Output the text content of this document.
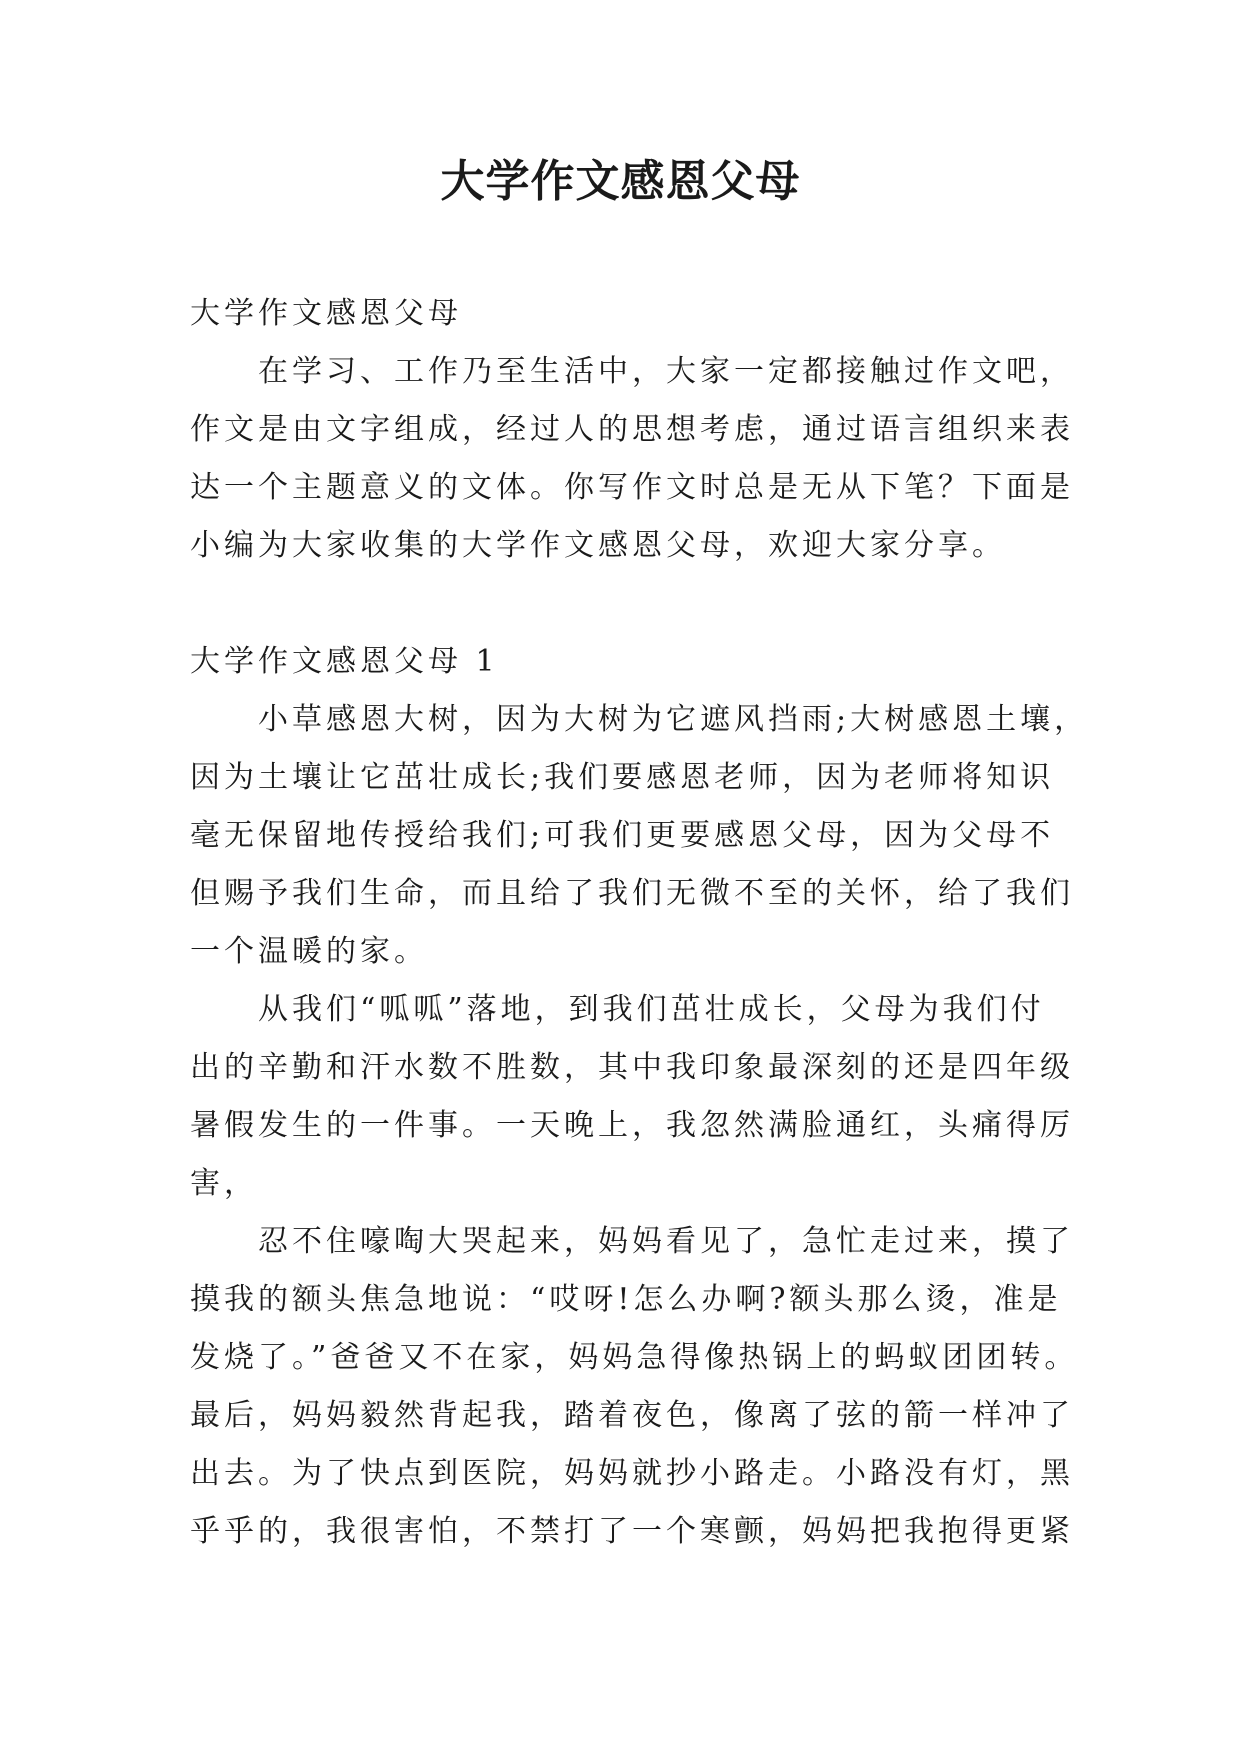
大学作文感恩父母
大学作文感恩父母
在学习、工作乃至生活中，大家一定都接触过作文吧，
作文是由文字组成，经过人的思想考虑，通过语言组织来表
达一个主题意义的文体。你写作文时总是无从下笔？下面是
小编为大家收集的大学作文感恩父母，欢迎大家分享。
大学作文感恩父母 1
小草感恩大树，因为大树为它遮风挡雨;大树感恩土壤，
因为土壤让它茁壮成长;我们要感恩老师，因为老师将知识
毫无保留地传授给我们;可我们更要感恩父母，因为父母不
但赐予我们生命，而且给了我们无微不至的关怀，给了我们
一个温暖的家。
从我们“呱呱”落地，到我们茁壮成长，父母为我们付
出的辛勤和汗水数不胜数，其中我印象最深刻的还是四年级
暑假发生的一件事。一天晚上，我忽然满脸通红，头痛得厉
害，
忍不住嚎啕大哭起来，妈妈看见了，急忙走过来，摸了
摸我的额头焦急地说：“哎呀!怎么办啊?额头那么烫，准是
发烧了。”爸爸又不在家，妈妈急得像热锅上的蚂蚁团团转。
最后，妈妈毅然背起我，踏着夜色，像离了弦的箭一样冲了
出去。为了快点到医院，妈妈就抄小路走。小路没有灯，黑
乎乎的，我很害怕，不禁打了一个寒颤，妈妈把我抱得更紧
